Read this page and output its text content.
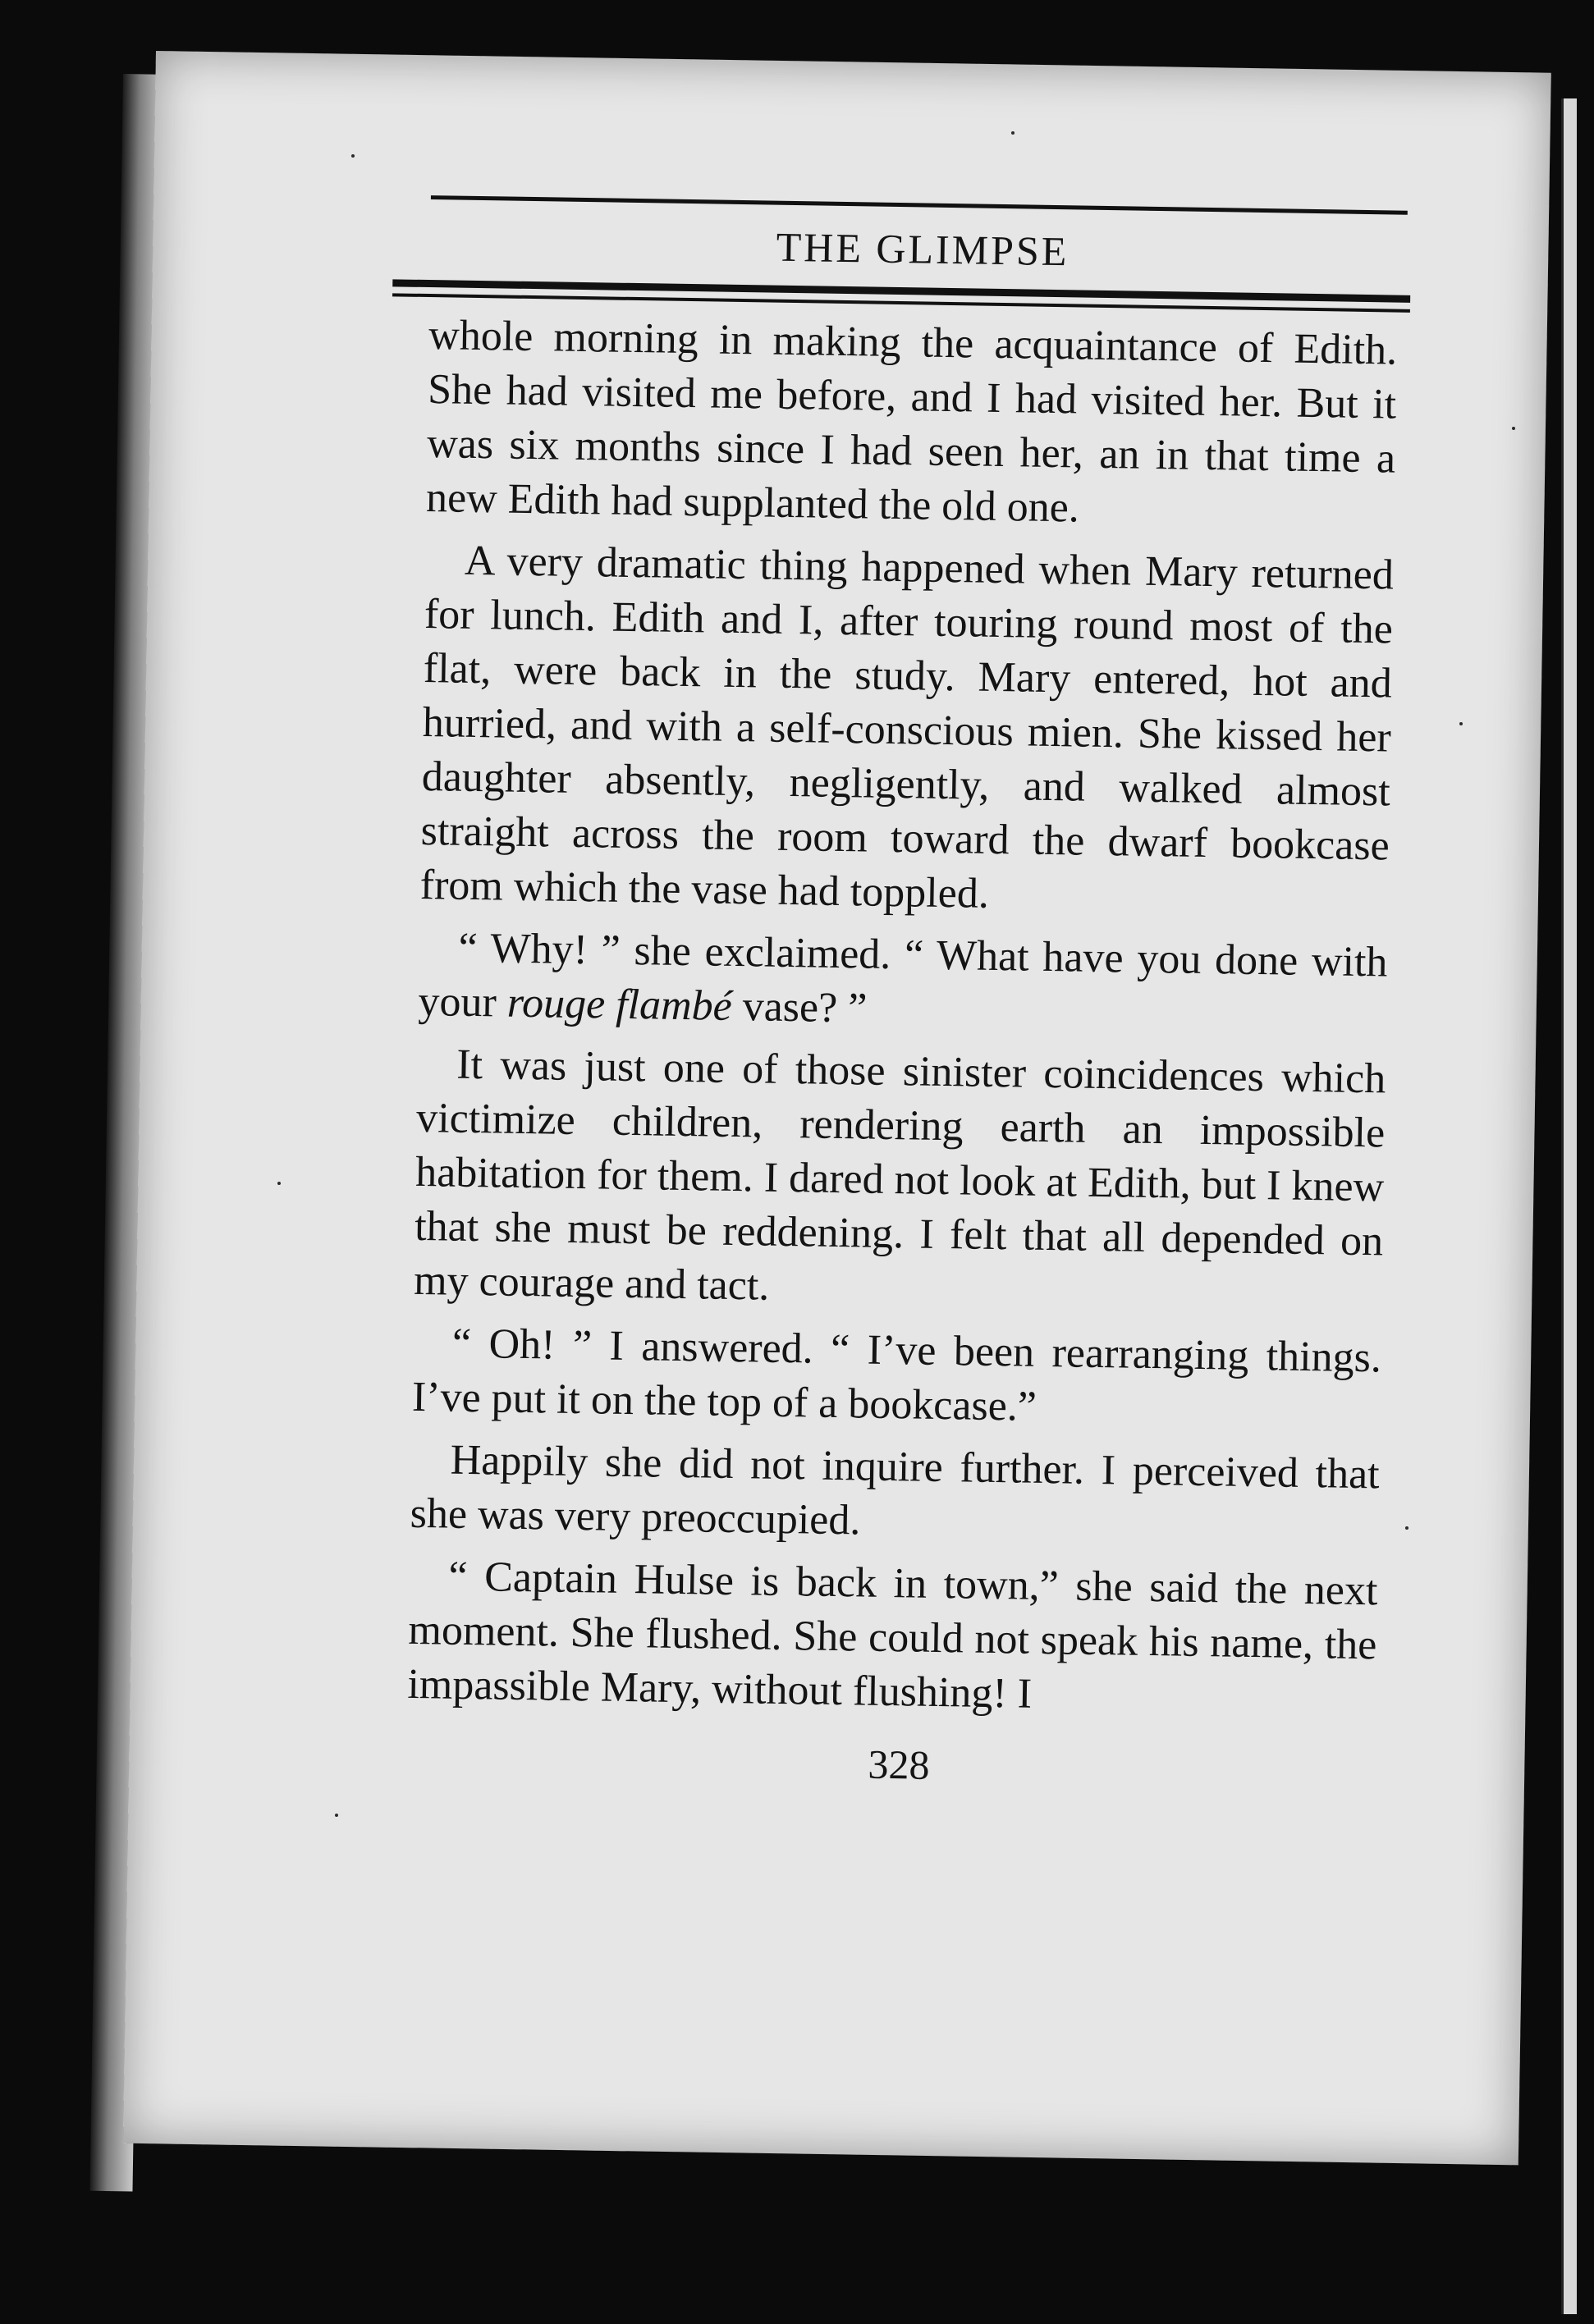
THE GLIMPSE

whole morning in making the acquaintance of Edith. She had visited me before, and I had visited her. But it was six months since I had seen her, an in that time a new Edith had supplanted the old one.

A very dramatic thing happened when Mary returned for lunch. Edith and I, after touring round most of the flat, were back in the study. Mary entered, hot and hurried, and with a self-conscious mien. She kissed her daughter absently, negligently, and walked almost straight across the room toward the dwarf bookcase from which the vase had toppled.

“ Why! ” she exclaimed. “ What have you done with your rouge flambé vase? ”

It was just one of those sinister coincidences which victimize children, rendering earth an impossible habitation for them. I dared not look at Edith, but I knew that she must be reddening. I felt that all depended on my courage and tact.

“ Oh! ” I answered. “ I’ve been rearranging things. I’ve put it on the top of a bookcase.”

Happily she did not inquire further. I perceived that she was very preoccupied.

“ Captain Hulse is back in town,” she said the next moment. She flushed. She could not speak his name, the impassible Mary, without flushing! I

328
